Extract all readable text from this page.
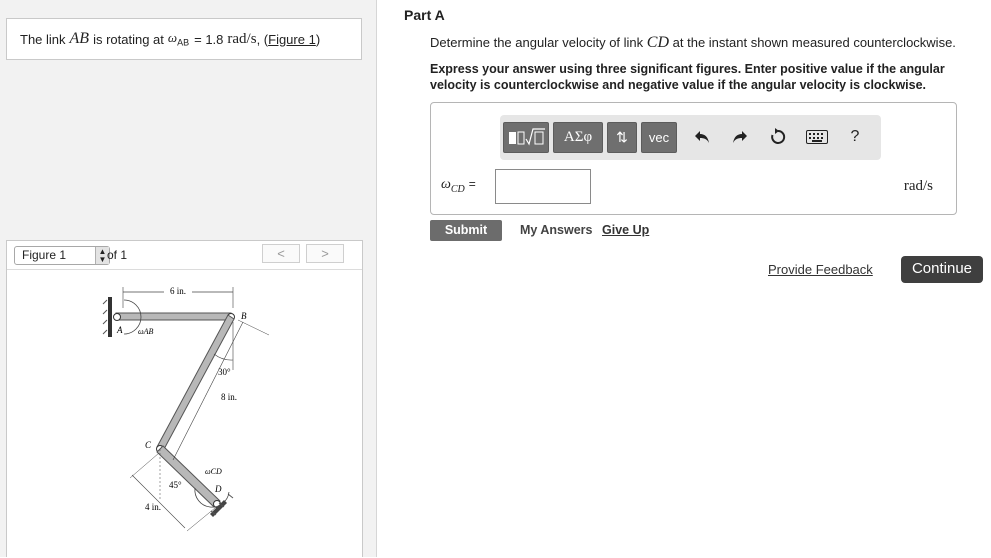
The link AB is rotating at $\omega_{AB} = 1.8$ rad/s , ( Figure 1 )
Figure 1	▲
▼ of 1	<	>
6 in.
30°
8 in.
45°
4 in.
A ωAB
B
C
ωCD
D
Part A
Determine the angular velocity of link CD at the instant shown measured counterclockwise.
Express your answer using three significant figures. Enter positive value if the angular velocity is counterclockwise and negative value if the angular velocity is clockwise.
ΑΣφ	⇅	vec	?
$\omega_{CD}$ =	rad/s
Submit	My Answers Give Up
Provide Feedback	Continue
